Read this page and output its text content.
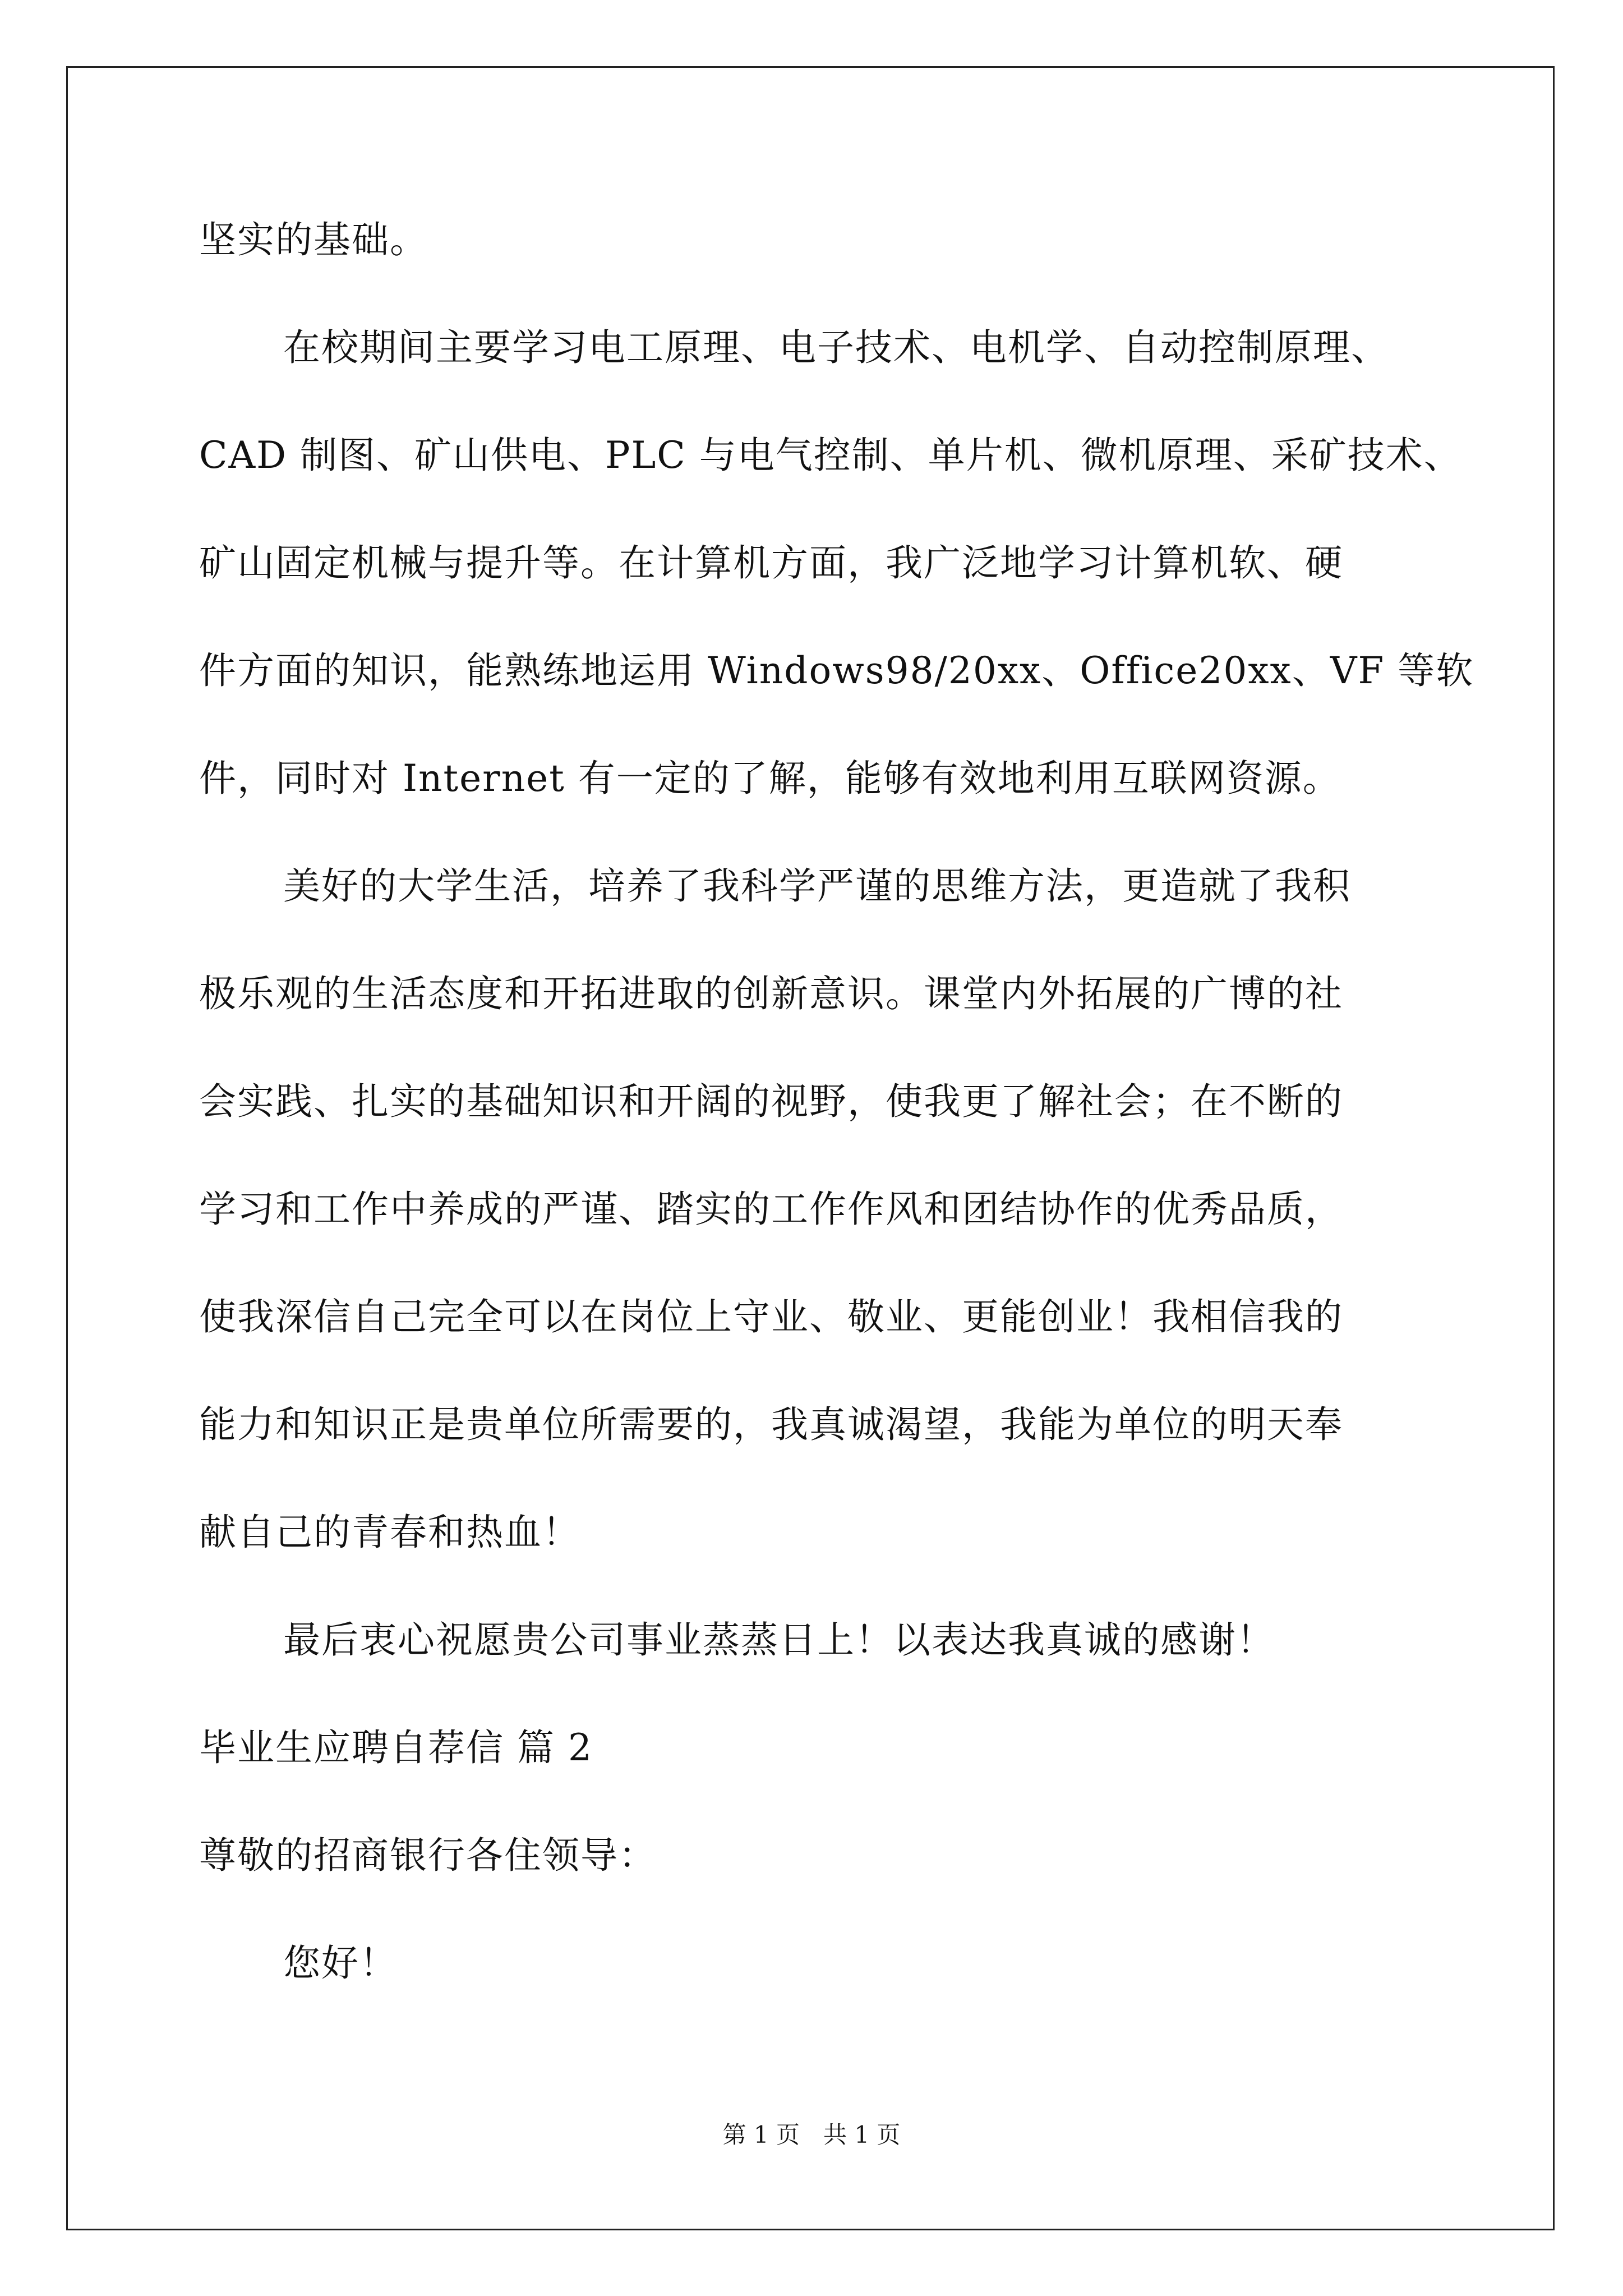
坚实的基础。
在校期间主要学习电工原理、电子技术、电机学、自动控制原理、
CAD 制图、矿山供电、PLC 与电气控制、单片机、微机原理、采矿技术、
矿山固定机械与提升等。在计算机方面，我广泛地学习计算机软、硬
件方面的知识，能熟练地运用 Windows98/20xx、Office20xx、VF 等软
件，同时对 Internet 有一定的了解，能够有效地利用互联网资源。
美好的大学生活，培养了我科学严谨的思维方法，更造就了我积
极乐观的生活态度和开拓进取的创新意识。课堂内外拓展的广博的社
会实践、扎实的基础知识和开阔的视野，使我更了解社会；在不断的
学习和工作中养成的严谨、踏实的工作作风和团结协作的优秀品质，
使我深信自己完全可以在岗位上守业、敬业、更能创业！我相信我的
能力和知识正是贵单位所需要的，我真诚渴望，我能为单位的明天奉
献自己的青春和热血！
最后衷心祝愿贵公司事业蒸蒸日上！以表达我真诚的感谢！
毕业生应聘自荐信 篇 2
尊敬的招商银行各住领导：
您好！
第 1 页　共 1 页
